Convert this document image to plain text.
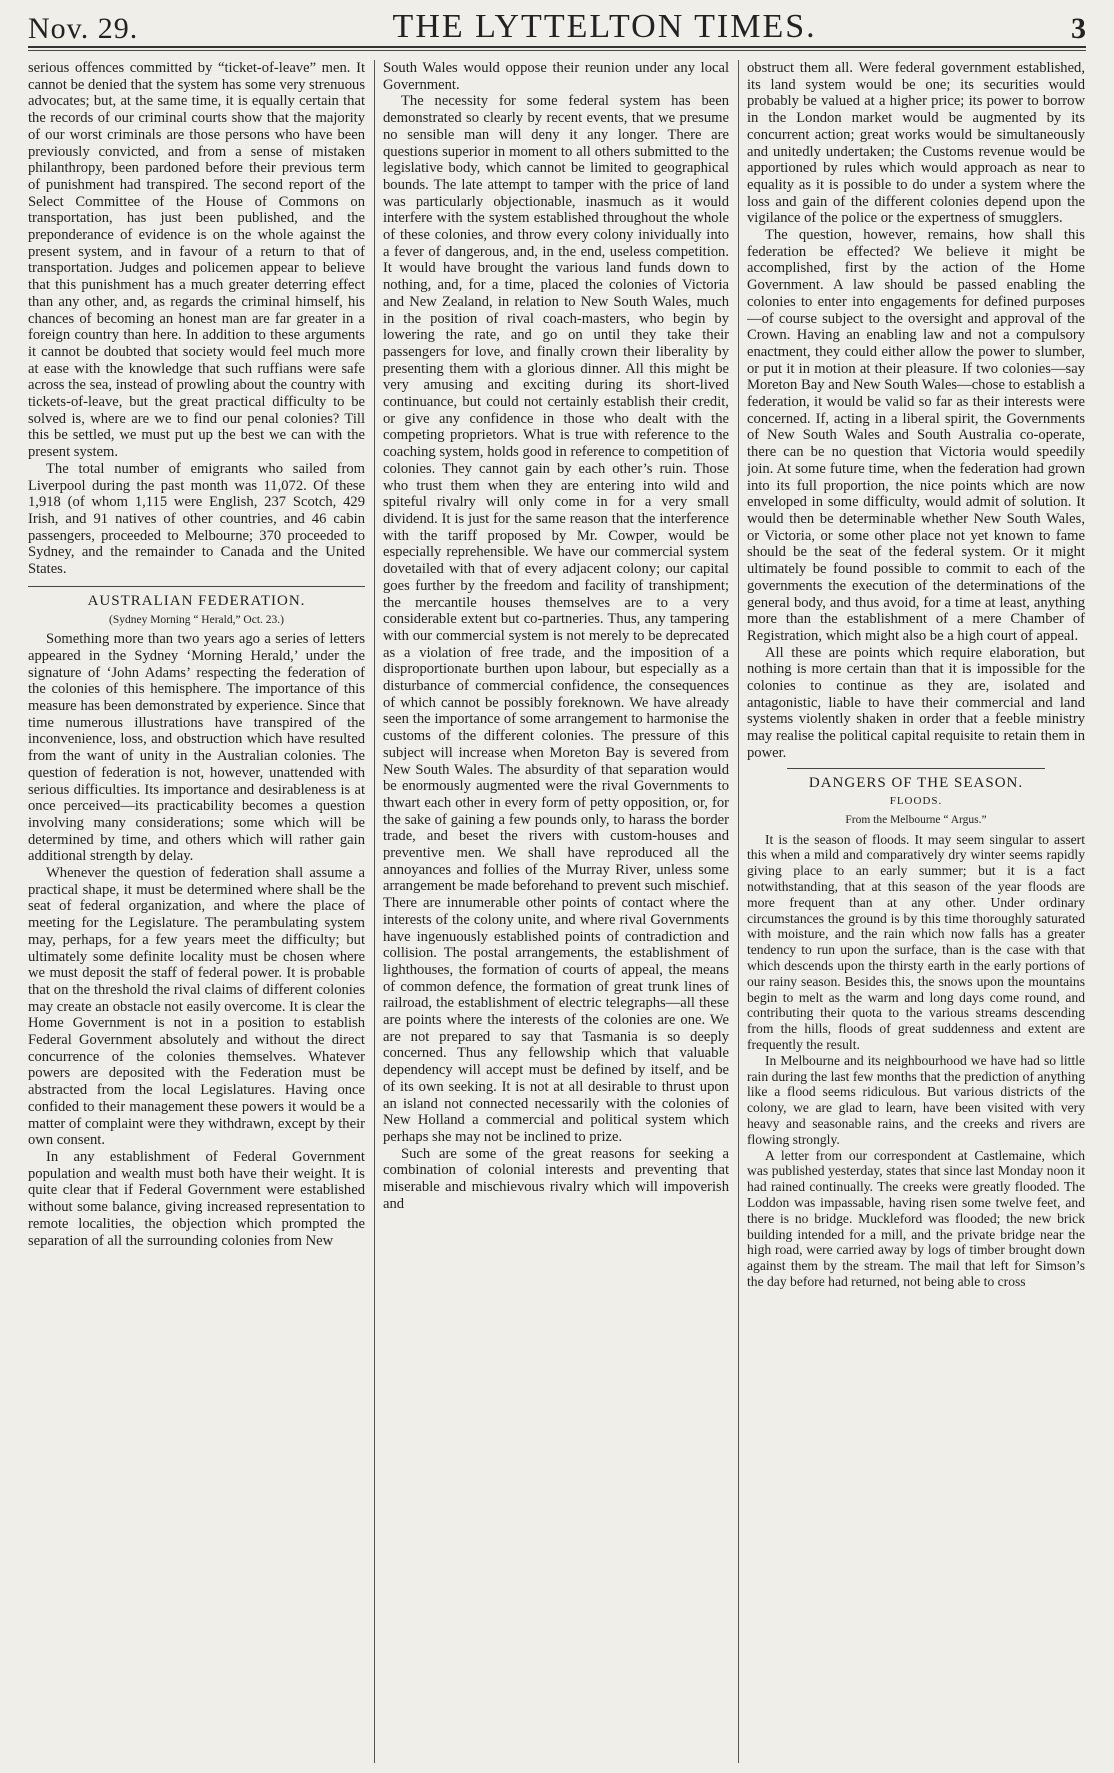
Nov. 29.	THE LYTTELTON TIMES.	3

serious offences committed by “ticket-of-leave” men. It cannot be denied that the system has some very strenuous advocates; but, at the same time, it is equally certain that the records of our criminal courts show that the majority of our worst criminals are those persons who have been previously convicted, and from a sense of mistaken philanthropy, been pardoned before their previous term of punishment had transpired. The second report of the Select Committee of the House of Commons on transportation, has just been published, and the preponderance of evidence is on the whole against the present system, and in favour of a return to that of transportation. Judges and policemen appear to believe that this punishment has a much greater deterring effect than any other, and, as regards the criminal himself, his chances of becoming an honest man are far greater in a foreign country than here. In addition to these arguments it cannot be doubted that society would feel much more at ease with the knowledge that such ruffians were safe across the sea, instead of prowling about the country with tickets-of-leave, but the great practical difficulty to be solved is, where are we to find our penal colonies? Till this be settled, we must put up the best we can with the present system.

The total number of emigrants who sailed from Liverpool during the past month was 11,072. Of these 1,918 (of whom 1,115 were English, 237 Scotch, 429 Irish, and 91 natives of other countries, and 46 cabin passengers, proceeded to Melbourne; 370 proceeded to Sydney, and the remainder to Canada and the United States.

AUSTRALIAN FEDERATION.
(Sydney Morning “ Herald,” Oct. 23.)

Something more than two years ago a series of letters appeared in the Sydney ‘Morning Herald,’ under the signature of ‘John Adams’ respecting the federation of the colonies of this hemisphere. The importance of this measure has been demonstrated by experience. Since that time numerous illustrations have transpired of the inconvenience, loss, and obstruction which have resulted from the want of unity in the Australian colonies. The question of federation is not, however, unattended with serious difficulties. Its importance and desirableness is at once perceived—its practicability becomes a question involving many considerations; some which will be determined by time, and others which will rather gain additional strength by delay.

Whenever the question of federation shall assume a practical shape, it must be determined where shall be the seat of federal organization, and where the place of meeting for the Legislature. The perambulating system may, perhaps, for a few years meet the difficulty; but ultimately some definite locality must be chosen where we must deposit the staff of federal power. It is probable that on the threshold the rival claims of different colonies may create an obstacle not easily overcome. It is clear the Home Government is not in a position to establish Federal Government absolutely and without the direct concurrence of the colonies themselves. Whatever powers are deposited with the Federation must be abstracted from the local Legislatures. Having once confided to their management these powers it would be a matter of complaint were they withdrawn, except by their own consent.

In any establishment of Federal Government population and wealth must both have their weight. It is quite clear that if Federal Government were established without some balance, giving increased representation to remote localities, the objection which prompted the separation of all the surrounding colonies from New

South Wales would oppose their reunion under any local Government.

The necessity for some federal system has been demonstrated so clearly by recent events, that we presume no sensible man will deny it any longer. There are questions superior in moment to all others submitted to the legislative body, which cannot be limited to geographical bounds. The late attempt to tamper with the price of land was particularly objectionable, inasmuch as it would interfere with the system established throughout the whole of these colonies, and throw every colony inividually into a fever of dangerous, and, in the end, useless competition. It would have brought the various land funds down to nothing, and, for a time, placed the colonies of Victoria and New Zealand, in relation to New South Wales, much in the position of rival coach-masters, who begin by lowering the rate, and go on until they take their passengers for love, and finally crown their liberality by presenting them with a glorious dinner. All this might be very amusing and exciting during its short-lived continuance, but could not certainly establish their credit, or give any confidence in those who dealt with the competing proprietors. What is true with reference to the coaching system, holds good in reference to competition of colonies. They cannot gain by each other’s ruin. Those who trust them when they are entering into wild and spiteful rivalry will only come in for a very small dividend. It is just for the same reason that the interference with the tariff proposed by Mr. Cowper, would be especially reprehensible. We have our commercial system dovetailed with that of every adjacent colony; our capital goes further by the freedom and facility of transhipment; the mercantile houses themselves are to a very considerable extent but co-partneries. Thus, any tampering with our commercial system is not merely to be deprecated as a violation of free trade, and the imposition of a disproportionate burthen upon labour, but especially as a disturbance of commercial confidence, the consequences of which cannot be possibly foreknown. We have already seen the importance of some arrangement to harmonise the customs of the different colonies. The pressure of this subject will increase when Moreton Bay is severed from New South Wales. The absurdity of that separation would be enormously augmented were the rival Governments to thwart each other in every form of petty opposition, or, for the sake of gaining a few pounds only, to harass the border trade, and beset the rivers with custom-houses and preventive men. We shall have reproduced all the annoyances and follies of the Murray River, unless some arrangement be made beforehand to prevent such mischief. There are innumerable other points of contact where the interests of the colony unite, and where rival Governments have ingenuously established points of contradiction and collision. The postal arrangements, the establishment of lighthouses, the formation of courts of appeal, the means of common defence, the formation of great trunk lines of railroad, the establishment of electric telegraphs—all these are points where the interests of the colonies are one. We are not prepared to say that Tasmania is so deeply concerned. Thus any fellowship which that valuable dependency will accept must be defined by itself, and be of its own seeking. It is not at all desirable to thrust upon an island not connected necessarily with the colonies of New Holland a commercial and political system which perhaps she may not be inclined to prize.

Such are some of the great reasons for seeking a combination of colonial interests and preventing that miserable and mischievous rivalry which will impoverish and

obstruct them all. Were federal government established, its land system would be one; its securities would probably be valued at a higher price; its power to borrow in the London market would be augmented by its concurrent action; great works would be simultaneously and unitedly undertaken; the Customs revenue would be apportioned by rules which would approach as near to equality as it is possible to do under a system where the loss and gain of the different colonies depend upon the vigilance of the police or the expertness of smugglers.

The question, however, remains, how shall this federation be effected? We believe it might be accomplished, first by the action of the Home Government. A law should be passed enabling the colonies to enter into engagements for defined purposes—of course subject to the oversight and approval of the Crown. Having an enabling law and not a compulsory enactment, they could either allow the power to slumber, or put it in motion at their pleasure. If two colonies—say Moreton Bay and New South Wales—chose to establish a federation, it would be valid so far as their interests were concerned. If, acting in a liberal spirit, the Governments of New South Wales and South Australia co-operate, there can be no question that Victoria would speedily join. At some future time, when the federation had grown into its full proportion, the nice points which are now enveloped in some difficulty, would admit of solution. It would then be determinable whether New South Wales, or Victoria, or some other place not yet known to fame should be the seat of the federal system. Or it might ultimately be found possible to commit to each of the governments the execution of the determinations of the general body, and thus avoid, for a time at least, anything more than the establishment of a mere Chamber of Registration, which might also be a high court of appeal.

All these are points which require elaboration, but nothing is more certain than that it is impossible for the colonies to continue as they are, isolated and antagonistic, liable to have their commercial and land systems violently shaken in order that a feeble ministry may realise the political capital requisite to retain them in power.

DANGERS OF THE SEASON.
FLOODS.
From the Melbourne “ Argus.”

It is the season of floods. It may seem singular to assert this when a mild and comparatively dry winter seems rapidly giving place to an early summer; but it is a fact notwithstanding, that at this season of the year floods are more frequent than at any other. Under ordinary circumstances the ground is by this time thoroughly saturated with moisture, and the rain which now falls has a greater tendency to run upon the surface, than is the case with that which descends upon the thirsty earth in the early portions of our rainy season. Besides this, the snows upon the mountains begin to melt as the warm and long days come round, and contributing their quota to the various streams descending from the hills, floods of great suddenness and extent are frequently the result.

In Melbourne and its neighbourhood we have had so little rain during the last few months that the prediction of anything like a flood seems ridiculous. But various districts of the colony, we are glad to learn, have been visited with very heavy and seasonable rains, and the creeks and rivers are flowing strongly.

A letter from our correspondent at Castlemaine, which was published yesterday, states that since last Monday noon it had rained continually. The creeks were greatly flooded. The Loddon was impassable, having risen some twelve feet, and there is no bridge. Muckleford was flooded; the new brick building intended for a mill, and the private bridge near the high road, were carried away by logs of timber brought down against them by the stream. The mail that left for Simson’s the day before had returned, not being able to cross
